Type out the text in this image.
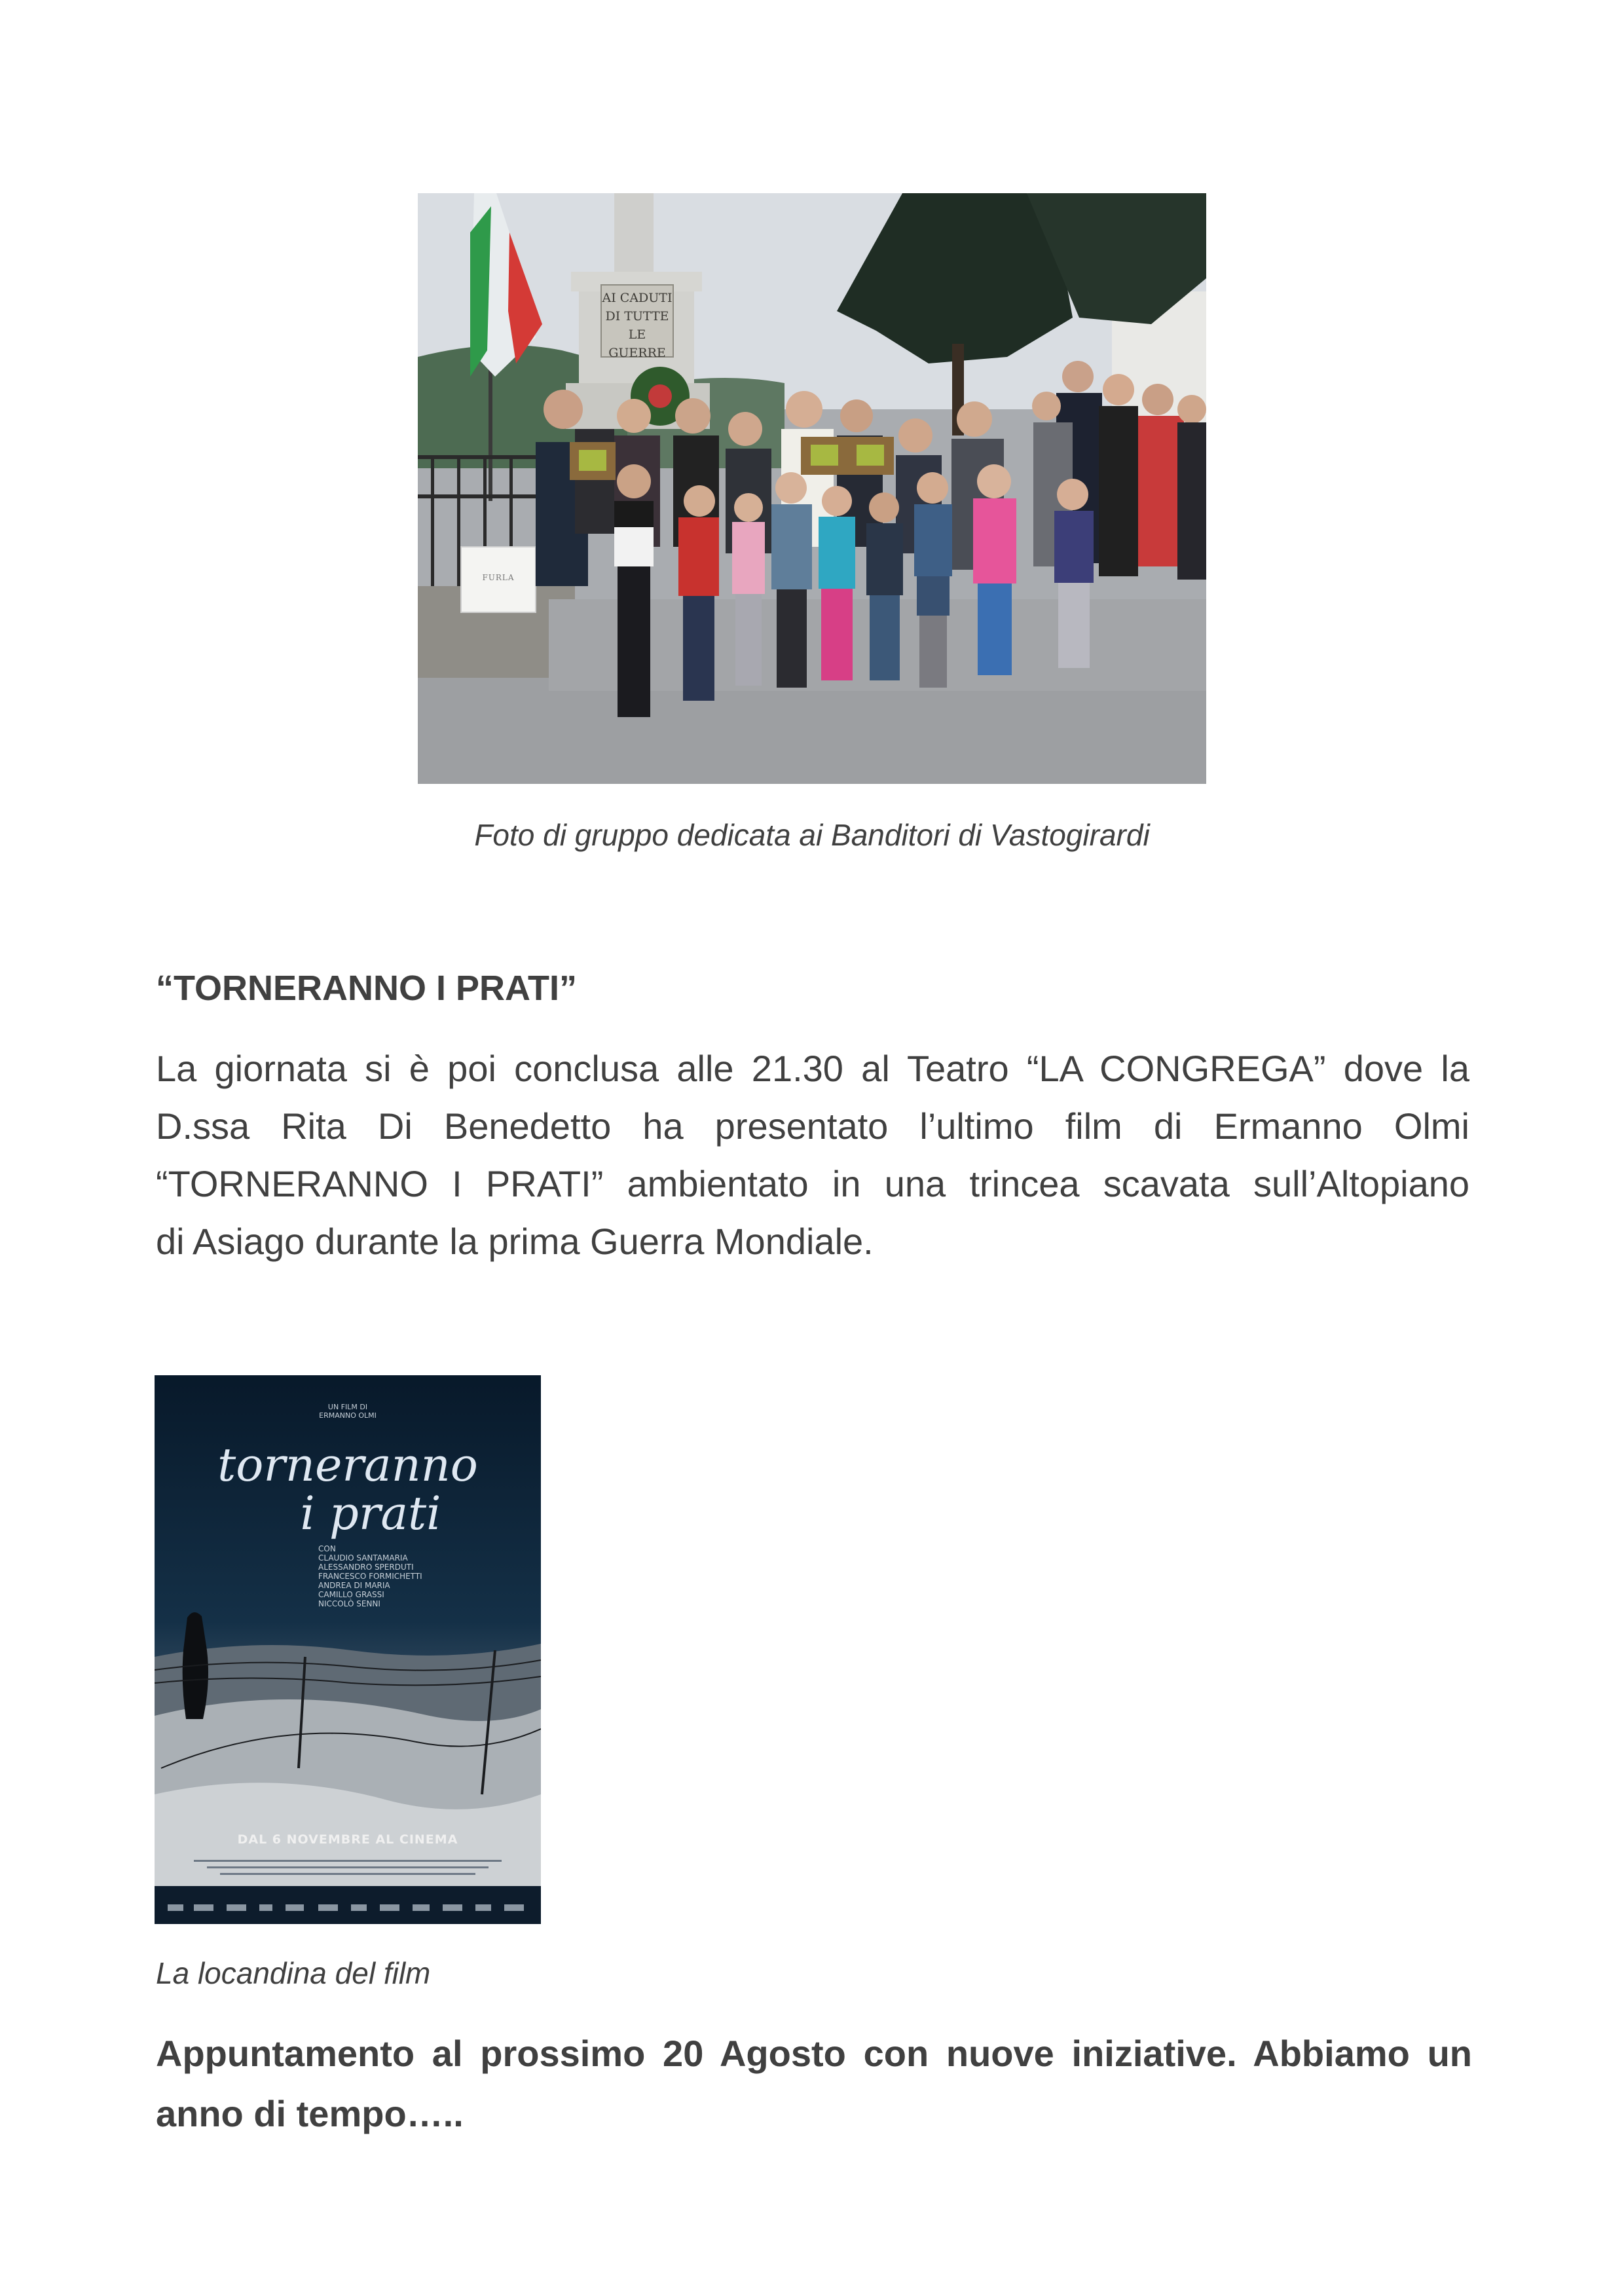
AI CADUTI
DI TUTTE
LE GUERRE
FURLA
Foto di gruppo dedicata ai Banditori di Vastogirardi
“TORNERANNO I PRATI”
La giornata si è poi conclusa alle 21.30 al Teatro “LA CONGREGA” dove la
D.ssa Rita Di Benedetto ha presentato l’ultimo film di Ermanno Olmi
“TORNERANNO I PRATI” ambientato in una trincea scavata sull’Altopiano
di Asiago durante la prima Guerra Mondiale.
UN FILM DI
ERMANNO OLMI
torneranno
i prati
CON
CLAUDIO SANTAMARIA
ALESSANDRO SPERDUTI
FRANCESCO FORMICHETTI
ANDREA DI MARIA
CAMILLO GRASSI
NICCOLÒ SENNI
DAL 6 NOVEMBRE AL CINEMA
La locandina del film
Appuntamento al prossimo 20 Agosto con nuove iniziative. Abbiamo un
anno di tempo…..
